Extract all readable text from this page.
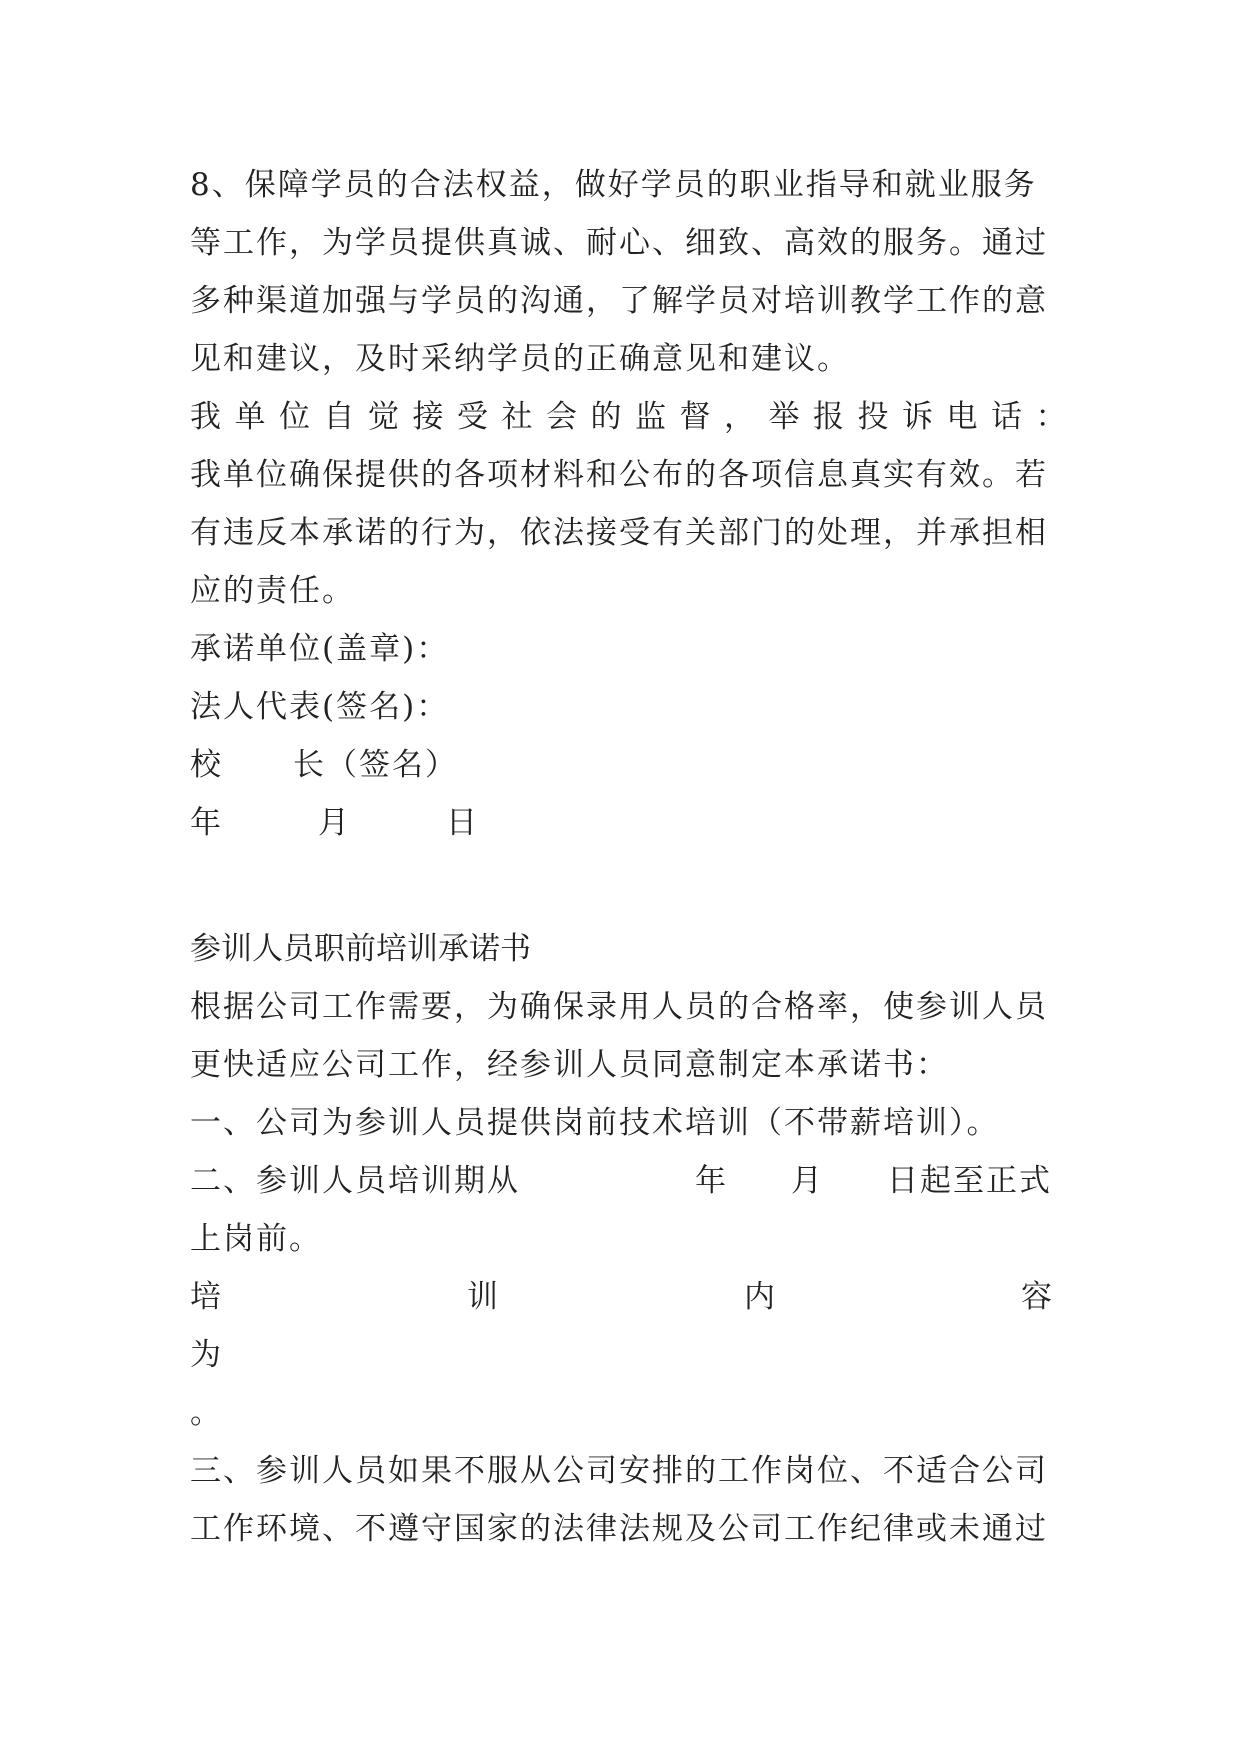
8、保障学员的合法权益，做好学员的职业指导和就业服务
等工作，为学员提供真诚、耐心、细致、高效的服务。通过
多种渠道加强与学员的沟通，了解学员对培训教学工作的意
见和建议，及时采纳学员的正确意见和建议。
我单位自觉接受社会的监督，举报投诉电话：
我单位确保提供的各项材料和公布的各项信息真实有效。若
有违反本承诺的行为，依法接受有关部门的处理，并承担相
应的责任。
承诺单位(盖章)：
法人代表(签名)：
校 长（签名）
年	月	日
参训人员职前培训承诺书
根据公司工作需要，为确保录用人员的合格率，使参训人员
更快适应公司工作，经参训人员同意制定本承诺书：
一、公司为参训人员提供岗前技术培训（不带薪培训）。
二、参训人员培训期从	年 月 日起至正式
上岗前。
培	训	内	容
为
。
三、参训人员如果不服从公司安排的工作岗位、不适合公司
工作环境、不遵守国家的法律法规及公司工作纪律或未通过
